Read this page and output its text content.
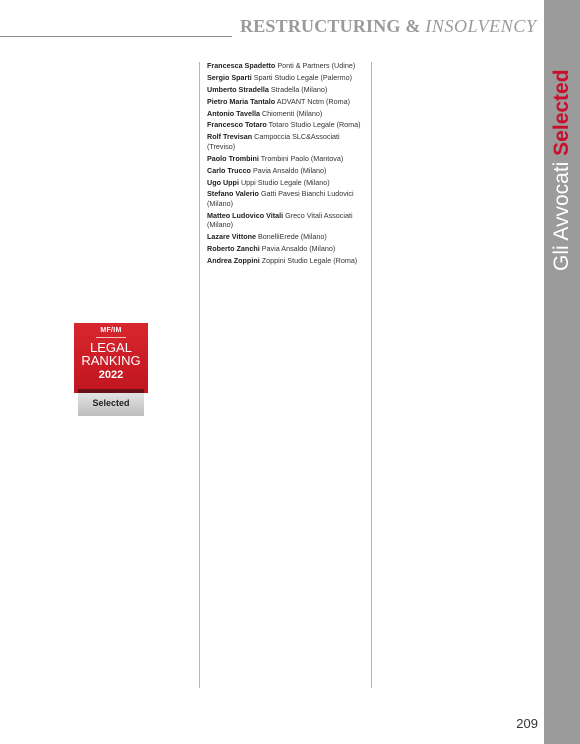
RESTRUCTURING & INSOLVENCY
Gli Avvocati Selected
Francesca Spadetto Ponti & Partners (Udine)
Sergio Sparti Sparti Studio Legale (Palermo)
Umberto Stradella Stradella (Milano)
Pietro Maria Tantalo ADVANT Nctm (Roma)
Antonio Tavella Chiomenti (Milano)
Francesco Totaro Totaro Studio Legale (Roma)
Rolf Trevisan Campoccia SLC&Associati (Treviso)
Paolo Trombini Trombini Paolo (Mantova)
Carlo Trucco Pavia Ansaldo (Milano)
Ugo Uppi Uppi Studio Legale (Milano)
Stefano Valerio Gatti Pavesi Bianchi Ludovici (Milano)
Matteo Ludovico Vitali Greco Vitali Associati (Milano)
Lazare Vittone BonelliErede (Milano)
Roberto Zanchi Pavia Ansaldo (Milano)
Andrea Zoppini Zoppini Studio Legale (Roma)
MF/IM
LEGAL
RANKING
2022
Selected
209
